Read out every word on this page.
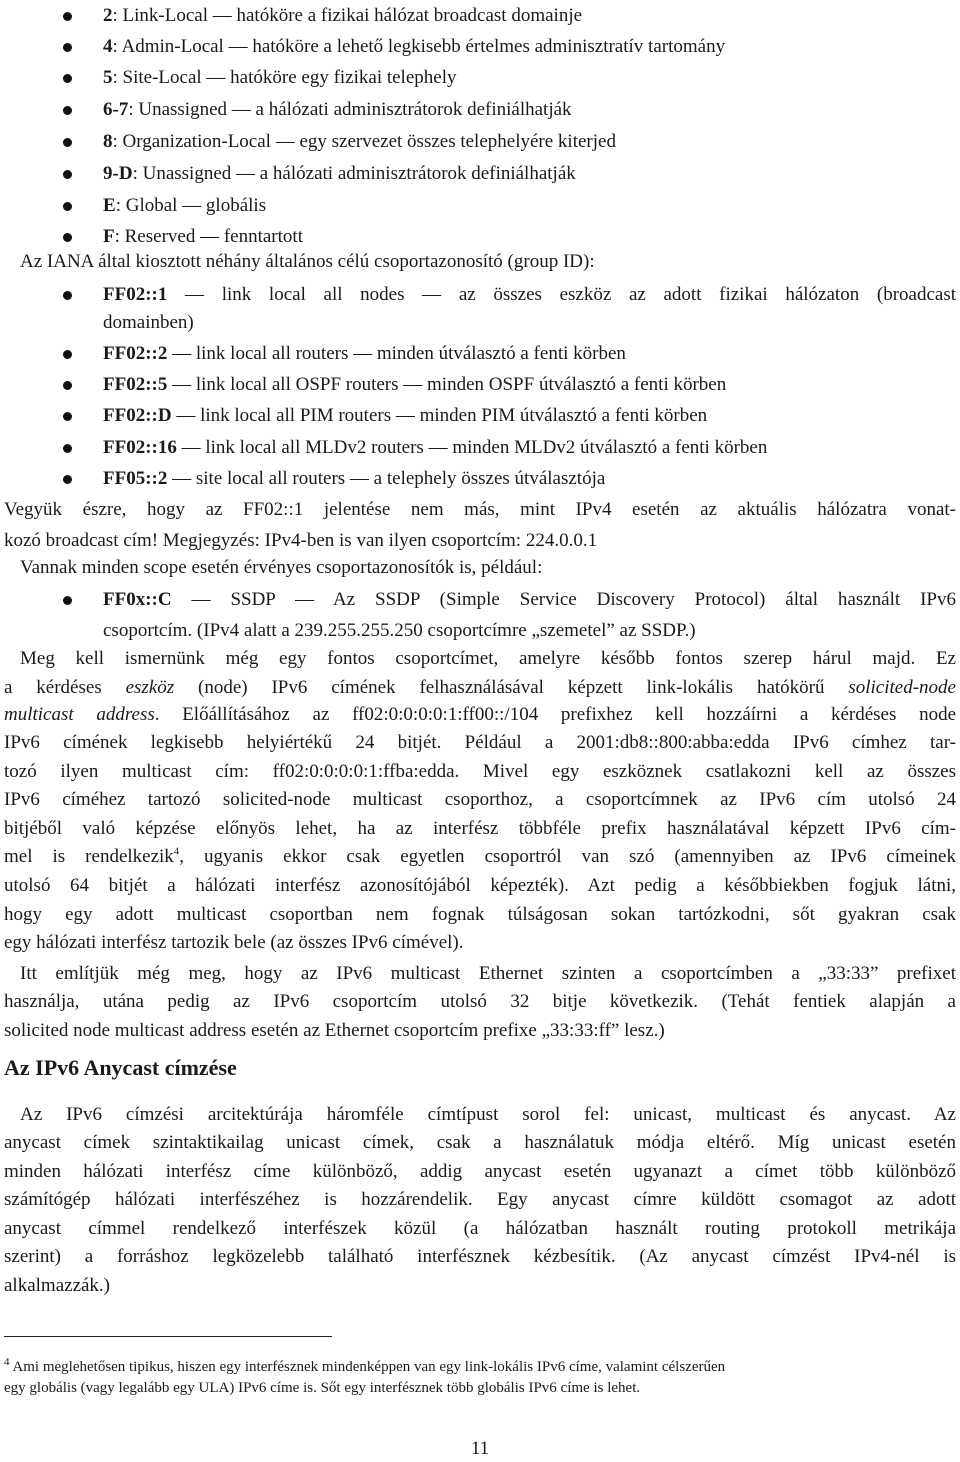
2: Link-Local — hatóköre a fizikai hálózat broadcast domainje
4: Admin-Local — hatóköre a lehető legkisebb értelmes adminisztratív tartomány
5: Site-Local — hatóköre egy fizikai telephely
6-7: Unassigned — a hálózati adminisztrátorok definiálhatják
8: Organization-Local — egy szervezet összes telephelyére kiterjed
9-D: Unassigned — a hálózati adminisztrátorok definiálhatják
E: Global — globális
F: Reserved — fenntartott
Az IANA által kiosztott néhány általános célú csoportazonosító (group ID):
FF02::1 — link local all nodes — az összes eszköz az adott fizikai hálózaton (broadcast
domainben)
FF02::2 — link local all routers — minden útválasztó a fenti körben
FF02::5 — link local all OSPF routers — minden OSPF útválasztó a fenti körben
FF02::D — link local all PIM routers — minden PIM útválasztó a fenti körben
FF02::16 — link local all MLDv2 routers — minden MLDv2 útválasztó a fenti körben
FF05::2 — site local all routers — a telephely összes útválasztója
Vegyük észre, hogy az FF02::1 jelentése nem más, mint IPv4 esetén az aktuális hálózatra vonat-
kozó broadcast cím! Megjegyzés: IPv4-ben is van ilyen csoportcím: 224.0.0.1
Vannak minden scope esetén érvényes csoportazonosítók is, például:
FF0x::C — SSDP — Az SSDP (Simple Service Discovery Protocol) által használt IPv6
csoportcím. (IPv4 alatt a 239.255.255.250 csoportcímre „szemetel” az SSDP.)
Meg kell ismernünk még egy fontos csoportcímet, amelyre később fontos szerep hárul majd. Ez
a kérdéses eszköz (node) IPv6 címének felhasználásával képzett link-lokális hatókörű solicited-node
multicast address. Előállításához az ff02:0:0:0:0:1:ff00::/104 prefixhez kell hozzáírni a kérdéses node
IPv6 címének legkisebb helyiértékű 24 bitjét. Például a 2001:db8::800:abba:edda IPv6 címhez tar-
tozó ilyen multicast cím: ff02:0:0:0:0:1:ffba:edda. Mivel egy eszköznek csatlakozni kell az összes
IPv6 címéhez tartozó solicited-node multicast csoporthoz, a csoportcímnek az IPv6 cím utolsó 24
bitjéből való képzése előnyös lehet, ha az interfész többféle prefix használatával képzett IPv6 cím-
mel is rendelkezik$^4$, ugyanis ekkor csak egyetlen csoportról van szó (amennyiben az IPv6 címeinek
utolsó 64 bitjét a hálózati interfész azonosítójából képezték). Azt pedig a későbbiekben fogjuk látni,
hogy egy adott multicast csoportban nem fognak túlságosan sokan tartózkodni, sőt gyakran csak
egy hálózati interfész tartozik bele (az összes IPv6 címével).
Itt említjük még meg, hogy az IPv6 multicast Ethernet szinten a csoportcímben a „33:33” prefixet
használja, utána pedig az IPv6 csoportcím utolsó 32 bitje következik. (Tehát fentiek alapján a
solicited node multicast address esetén az Ethernet csoportcím prefixe „33:33:ff” lesz.)
Az IPv6 Anycast címzése
Az IPv6 címzési arcitektúrája háromféle címtípust sorol fel: unicast, multicast és anycast. Az
anycast címek szintaktikailag unicast címek, csak a használatuk módja eltérő. Míg unicast esetén
minden hálózati interfész címe különböző, addig anycast esetén ugyanazt a címet több különböző
számítógép hálózati interfészéhez is hozzárendelik. Egy anycast címre küldött csomagot az adott
anycast címmel rendelkező interfészek közül (a hálózatban használt routing protokoll metrikája
szerint) a forráshoz legközelebb található interfésznek kézbesítik. (Az anycast címzést IPv4-nél is
alkalmazzák.)
$^4$ Ami meglehetősen tipikus, hiszen egy interfésznek mindenképpen van egy link-lokális IPv6 címe, valamint célszerűen
egy globális (vagy legalább egy ULA) IPv6 címe is. Sőt egy interfésznek több globális IPv6 címe is lehet.
11
